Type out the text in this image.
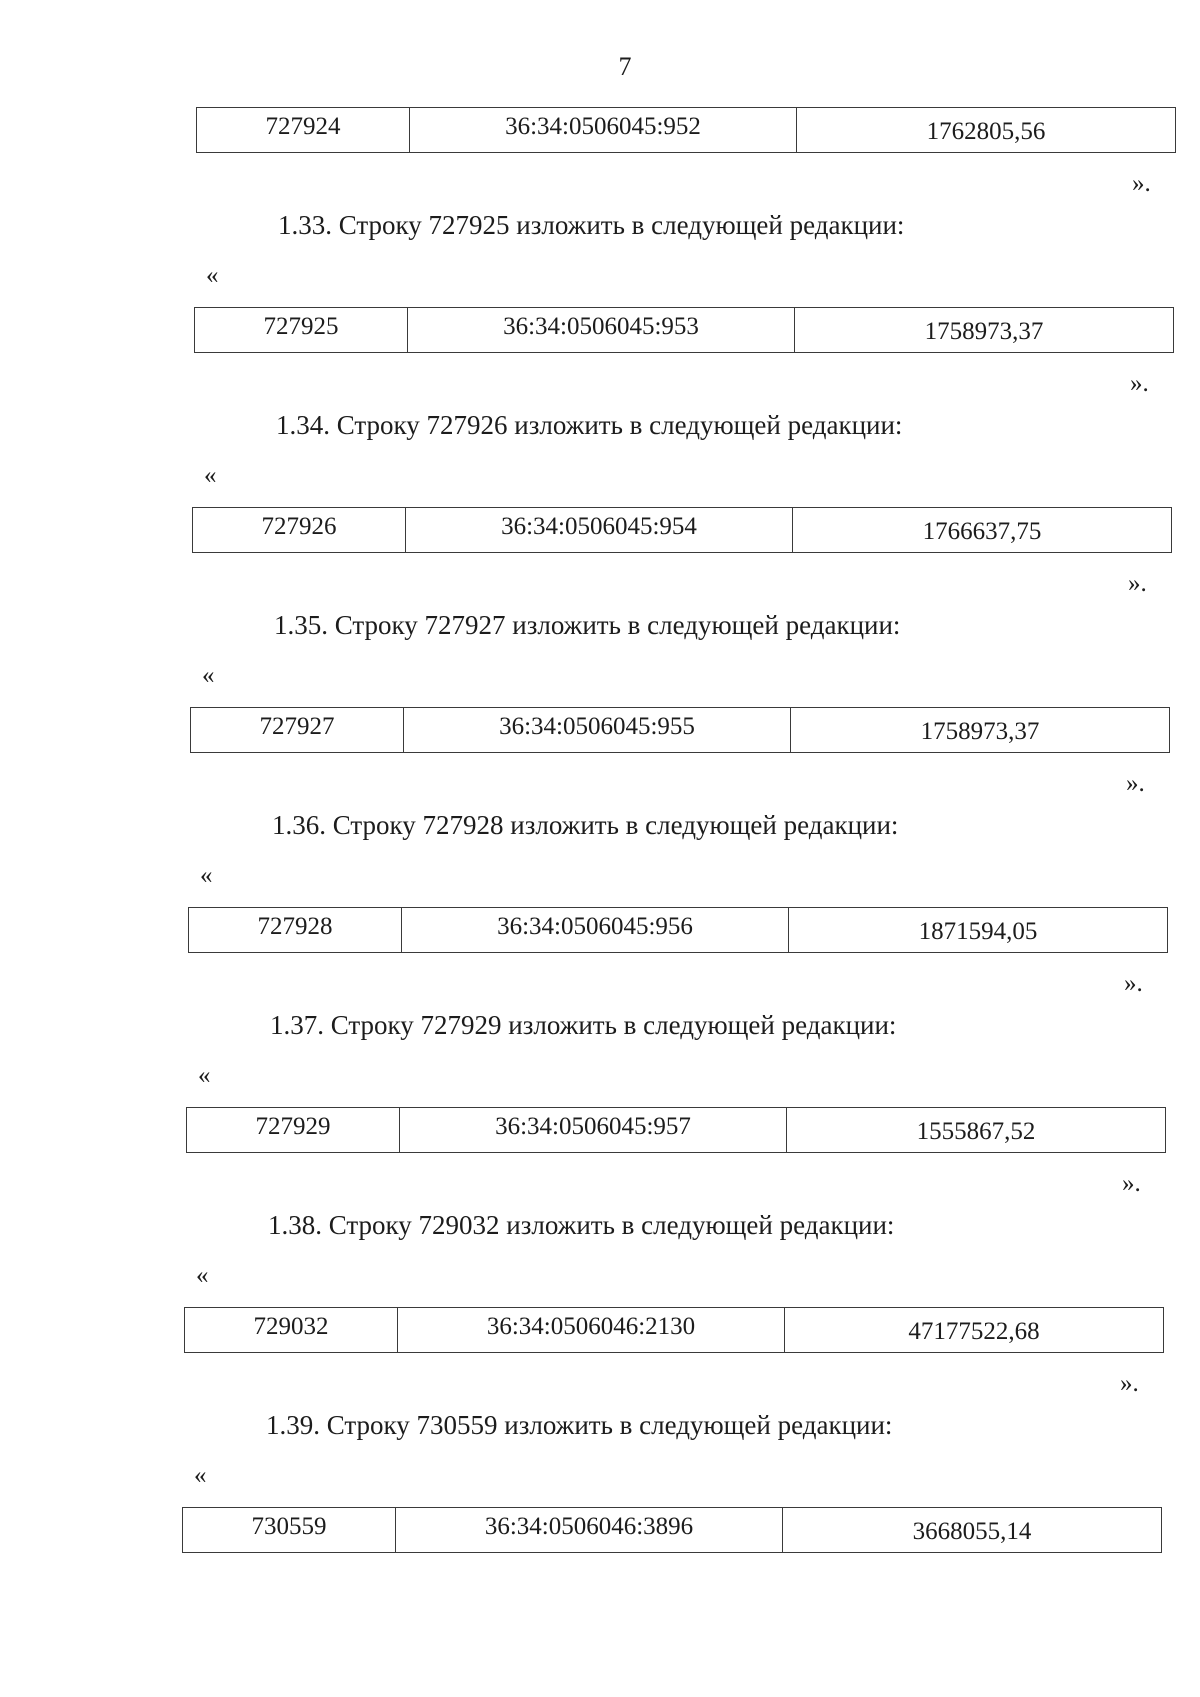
7
727924	36:34:0506045:952	1762805,56
».
1.33. Строку 727925 изложить в следующей редакции:
«
727925	36:34:0506045:953	1758973,37
».
1.34. Строку 727926 изложить в следующей редакции:
«
727926	36:34:0506045:954	1766637,75
».
1.35. Строку 727927 изложить в следующей редакции:
«
727927	36:34:0506045:955	1758973,37
».
1.36. Строку 727928 изложить в следующей редакции:
«
727928	36:34:0506045:956	1871594,05
».
1.37. Строку 727929 изложить в следующей редакции:
«
727929	36:34:0506045:957	1555867,52
».
1.38. Строку 729032 изложить в следующей редакции:
«
729032	36:34:0506046:2130	47177522,68
».
1.39. Строку 730559 изложить в следующей редакции:
«
730559	36:34:0506046:3896	3668055,14
